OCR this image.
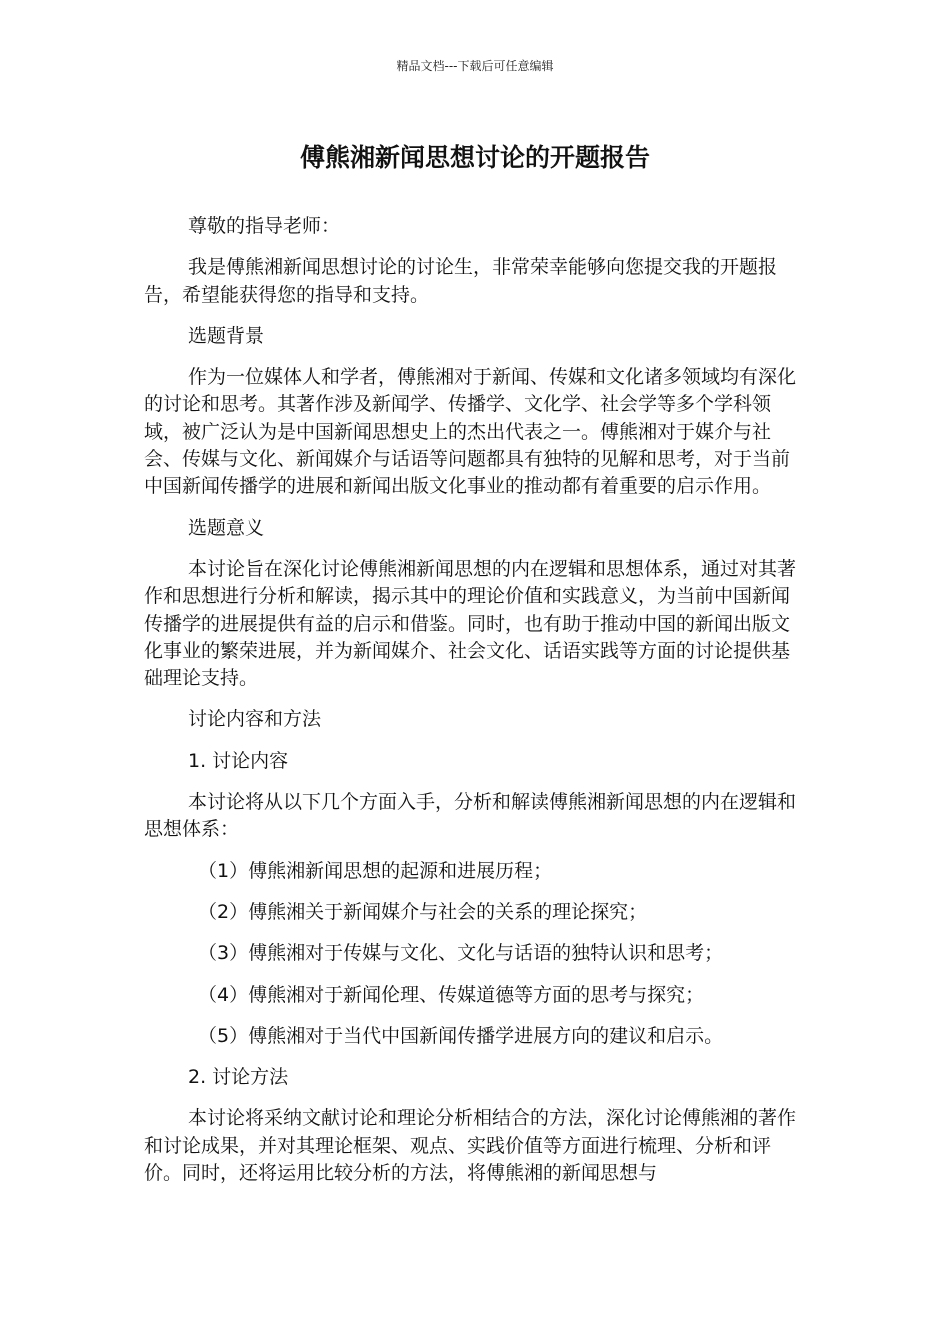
精品文档---下载后可任意编辑
傅熊湘新闻思想讨论的开题报告

尊敬的指导老师：

我是傅熊湘新闻思想讨论的讨论生，非常荣幸能够向您提交我的开题报告，希望能获得您的指导和支持。

选题背景

作为一位媒体人和学者，傅熊湘对于新闻、传媒和文化诸多领域均有深化的讨论和思考。其著作涉及新闻学、传播学、文化学、社会学等多个学科领域，被广泛认为是中国新闻思想史上的杰出代表之一。傅熊湘对于媒介与社会、传媒与文化、新闻媒介与话语等问题都具有独特的见解和思考，对于当前中国新闻传播学的进展和新闻出版文化事业的推动都有着重要的启示作用。

选题意义

本讨论旨在深化讨论傅熊湘新闻思想的内在逻辑和思想体系，通过对其著作和思想进行分析和解读，揭示其中的理论价值和实践意义，为当前中国新闻传播学的进展提供有益的启示和借鉴。同时，也有助于推动中国的新闻出版文化事业的繁荣进展，并为新闻媒介、社会文化、话语实践等方面的讨论提供基础理论支持。

讨论内容和方法

1. 讨论内容

本讨论将从以下几个方面入手，分析和解读傅熊湘新闻思想的内在逻辑和思想体系：

（1）傅熊湘新闻思想的起源和进展历程；

（2）傅熊湘关于新闻媒介与社会的关系的理论探究；

（3）傅熊湘对于传媒与文化、文化与话语的独特认识和思考；

（4）傅熊湘对于新闻伦理、传媒道德等方面的思考与探究；

（5）傅熊湘对于当代中国新闻传播学进展方向的建议和启示。

2. 讨论方法

本讨论将采纳文献讨论和理论分析相结合的方法，深化讨论傅熊湘的著作和讨论成果，并对其理论框架、观点、实践价值等方面进行梳理、分析和评价。同时，还将运用比较分析的方法，将傅熊湘的新闻思想与
